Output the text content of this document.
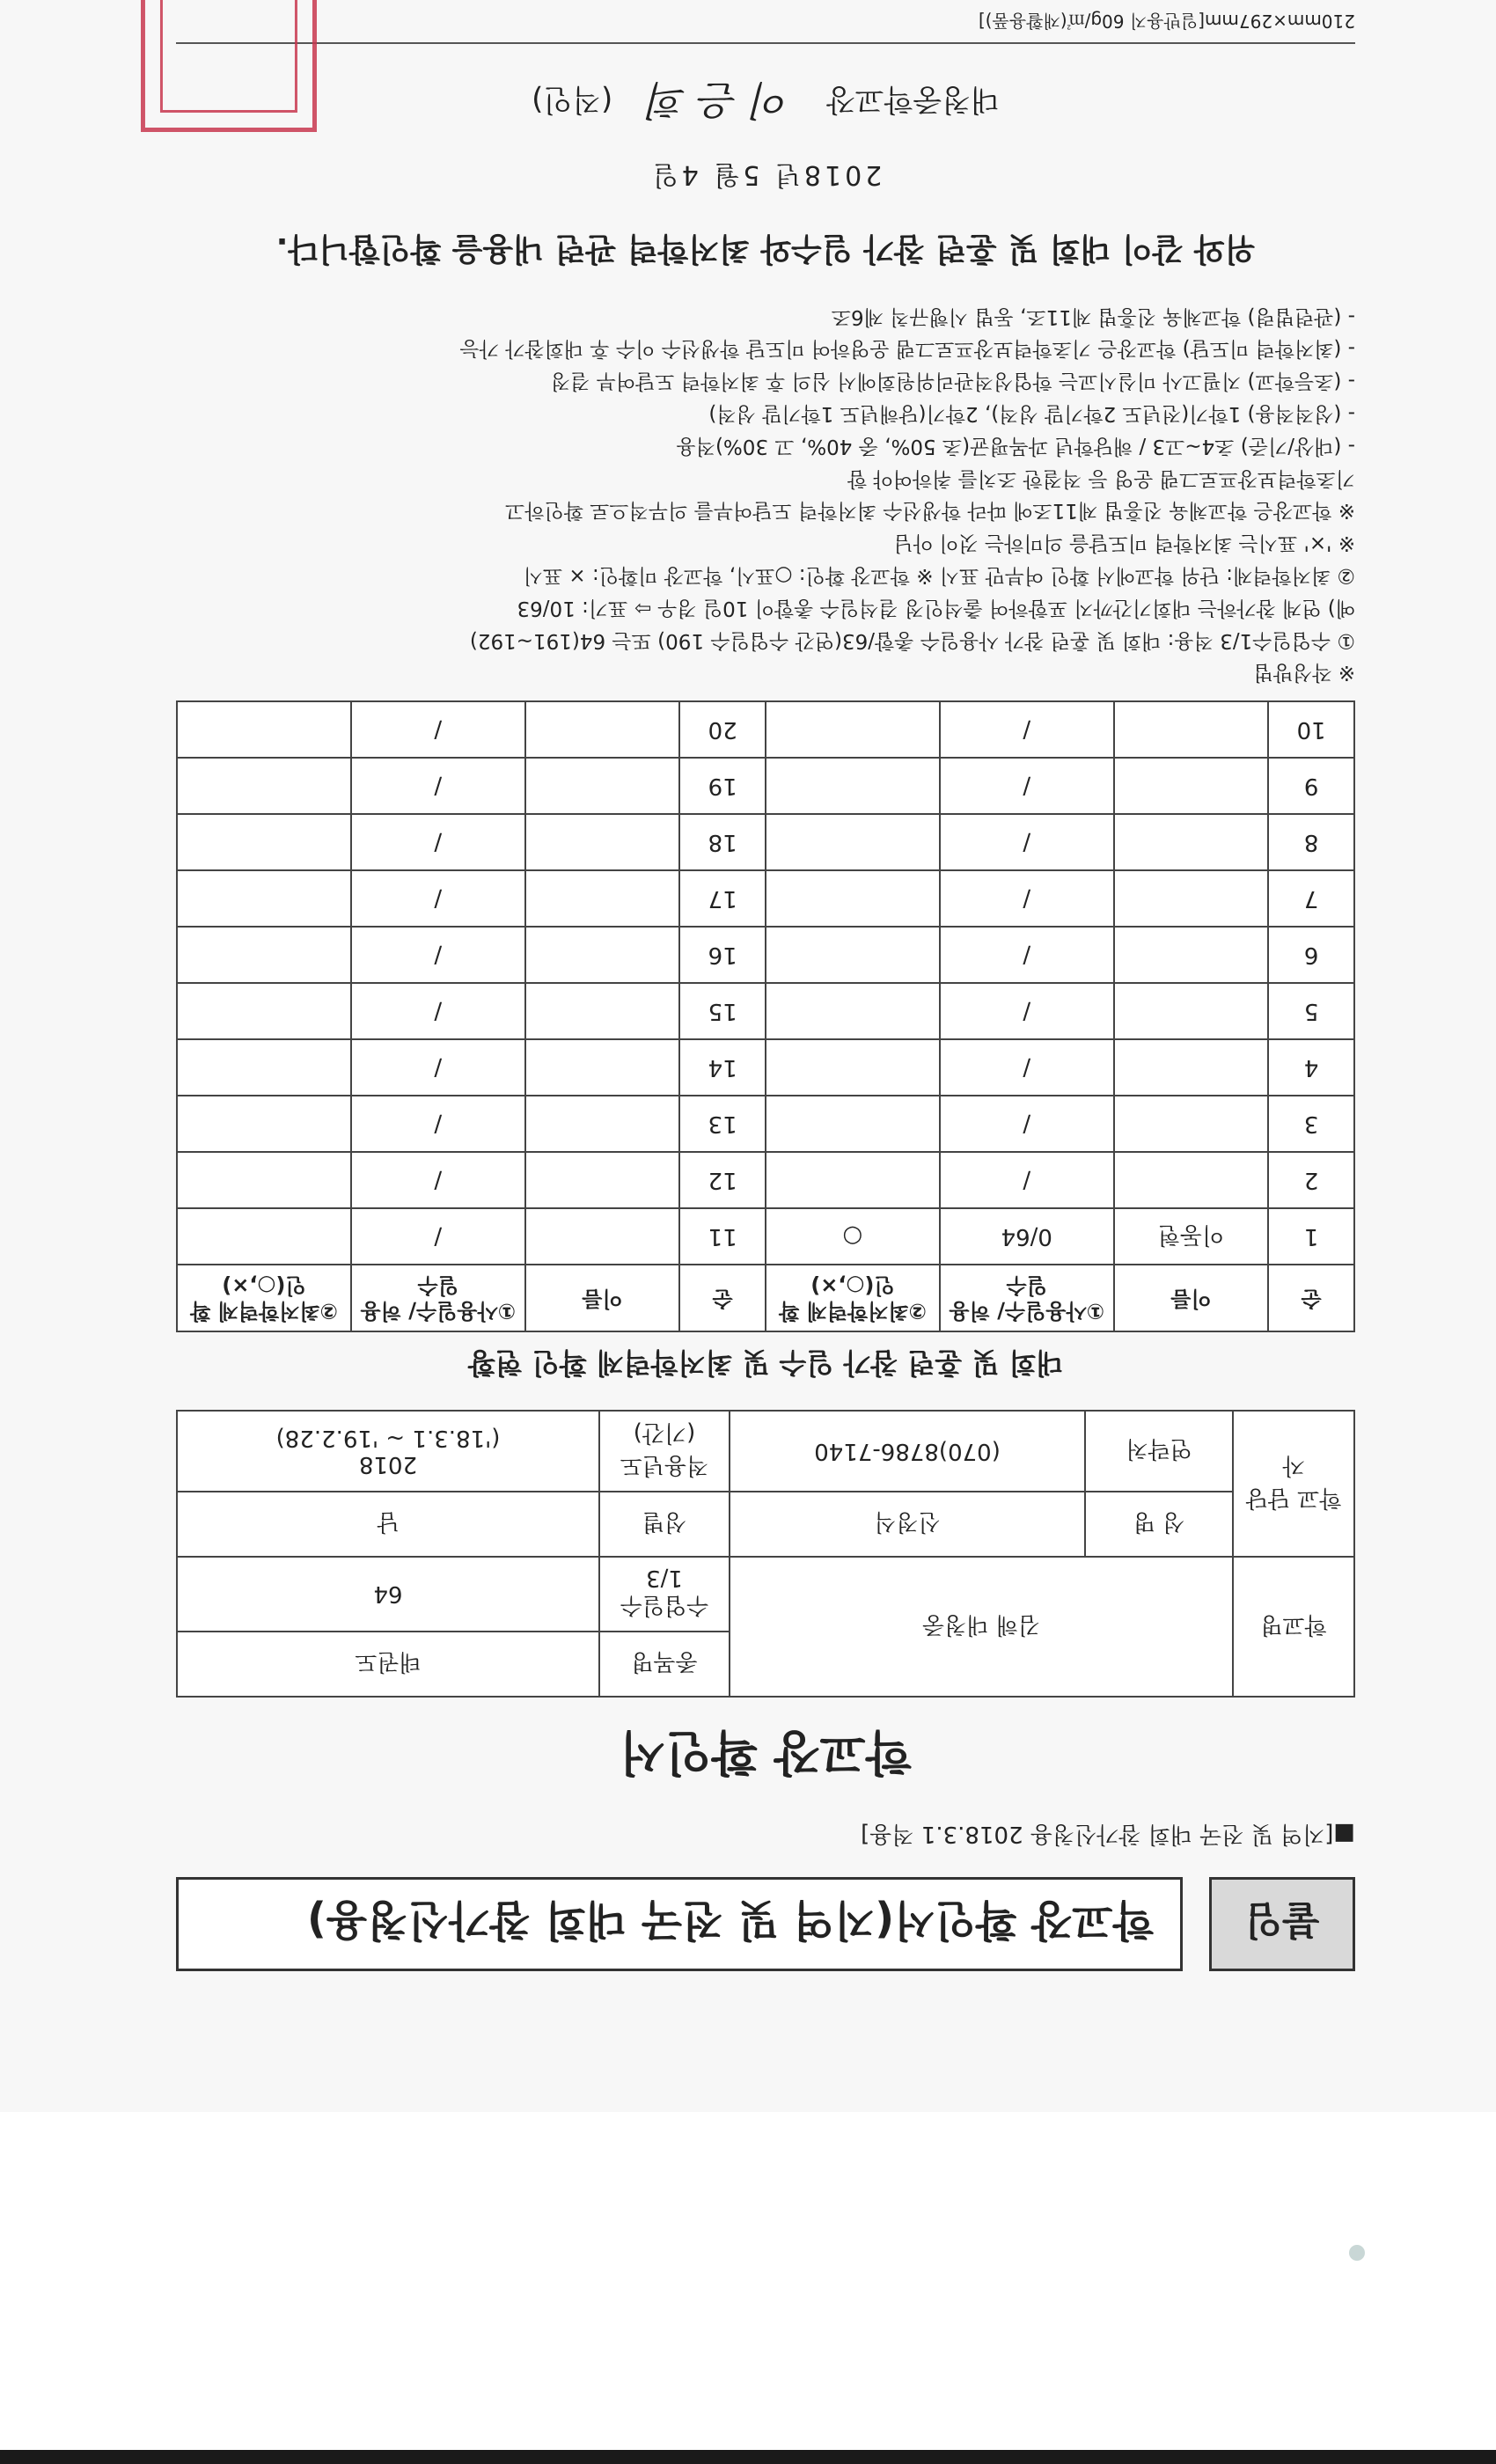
붙임
학교장 확인서(지역 및 전국 대회 참가신청용)
■[지역 및 전국 대회 참가신청용 2018.3.1 적용]
학교장 확인서
학교명	김해 대청중		종목명	태권도
			수업일수 1/3	64
학교 담당자	성 명	신정식	성별	남
	연락처	(070)8786-7140	적용년도 (기간)	2018
('18.3.1 ~ '19.2.28)
대회 및 훈련 참가 일수 및 최저학력제 확인 현황
순	이름	①사용일수/ 허용일수	②최저학력제 확인(○,×)	순	이름	①사용일수/ 허용일수	②최저학력제 확인(○,×)
1	이동현	0/64	○	11		/	
2		/		12		/	
3		/		13		/	
4		/		14		/	
5		/		15		/	
6		/		16		/	
7		/		17		/	
8		/		18		/	
9		/		19		/	
10		/		20		/	

※ 작성방법

① 수업일수1/3 적용: 대회 및 훈련 참가 사용일수 총합/63(연간 수업일수 190) 또는 64(191~192)

예) 연계 참가하는 대회기간까지 포함하여 출석인정 결석일수 총합이 10일 경우 ⇨ 표기: 10/63

② 최저학력제: 단위 학교에서 확인 여부만 표시 ※ 학교장 확인: ○표시, 학교장 미확인: × 표시

※ '×' 표시는 최저학력 미도달을 의미하는 것이 아님

※ 학교장은 학교체육 진흥법 제11조에 따라 학생선수 최저학력 도달여부를 의무적으로 확인하고

기초학력보장프로그램 운영 등 적절한 조치를 취하여야 함

- (대상/기준) 초4~고3 / 해당학년 과목평균(초 50%, 중 40%, 고 30%)적용

- (성적적용) 1학기(전년도 2학기말 성적), 2학기(당해년도 1학기말 성적)

- (초등학교) 지필고사 미실시교는 학업성적관리위원회에서 심의 후 최저학력 도달여부 결정

- (최저학력 미도달) 학교장은 기초학력보장프로그램 운영하여 미도달 학생선수 이수 후 대회참가 가능

- (관련법령) 학교체육 진흥법 제11조, 동법 시행규칙 제6조

위와 같이 대회 및 훈련 참가 일수와 최저학력 관련 내용을 확인합니다.
2018년 5월 4일
대청중학교장
이 은 희
(직인)
210mm×297mm[일반용지 60g/㎡(재활용품)]
